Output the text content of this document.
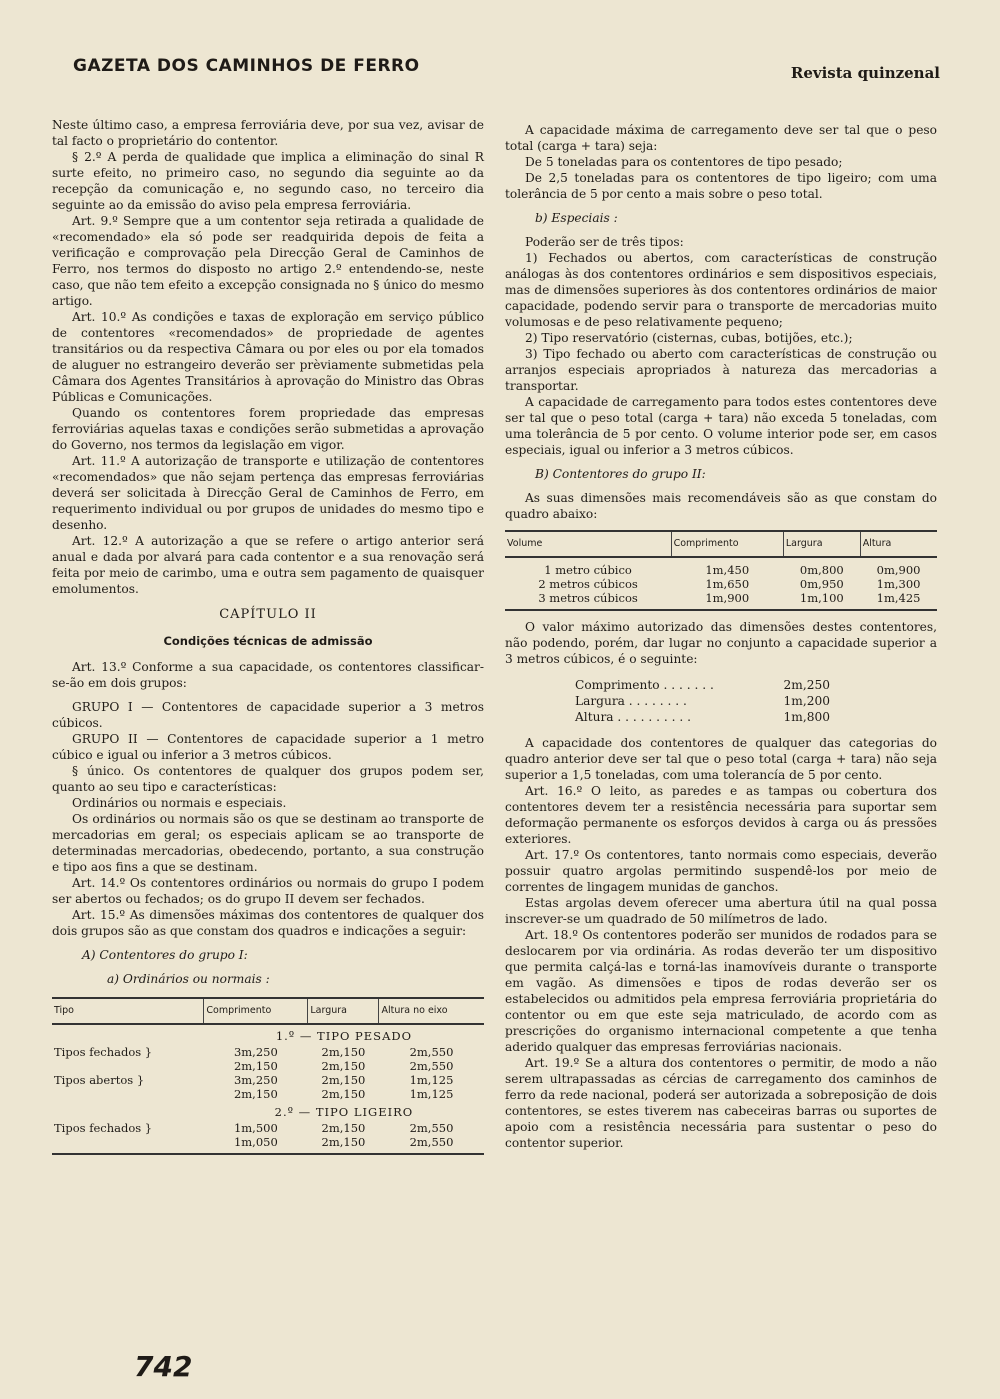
GAZETA DOS CAMINHOS DE FERRO	Revista quinzenal

Neste último caso, a empresa ferroviária deve, por sua vez, avisar de tal facto o proprietário do contentor.

§ 2.º A perda de qualidade que implica a eliminação do sinal R surte efeito, no primeiro caso, no segundo dia seguinte ao da recepção da comunicação e, no segundo caso, no terceiro dia seguinte ao da emissão do aviso pela empresa ferroviária.

Art. 9.º Sempre que a um contentor seja retirada a qualidade de «recomendado» ela só pode ser readquirida depois de feita a verificação e comprovação pela Direcção Geral de Caminhos de Ferro, nos termos do disposto no artigo 2.º entendendo-se, neste caso, que não tem efeito a excepção consignada no § único do mesmo artigo.

Art. 10.º As condições e taxas de exploração em serviço público de contentores «recomendados» de propriedade de agentes transitários ou da respectiva Câmara ou por eles ou por ela tomados de aluguer no estrangeiro deverão ser prèviamente submetidas pela Câmara dos Agentes Transitários à aprovação do Ministro das Obras Públicas e Comunicações.

Quando os contentores forem propriedade das empresas ferroviárias aquelas taxas e condições serão submetidas a aprovação do Governo, nos termos da legislação em vigor.

Art. 11.º A autorização de transporte e utilização de contentores «recomendados» que não sejam pertença das empresas ferroviárias deverá ser solicitada à Direcção Geral de Caminhos de Ferro, em requerimento individual ou por grupos de unidades do mesmo tipo e desenho.

Art. 12.º A autorização a que se refere o artigo anterior será anual e dada por alvará para cada contentor e a sua renovação será feita por meio de carimbo, uma e outra sem pagamento de quaisquer emolumentos.

CAPÍTULO II

Condições técnicas de admissão

Art. 13.º Conforme a sua capacidade, os contentores classificar-se-ão em dois grupos:

GRUPO I — Contentores de capacidade superior a 3 metros cúbicos.

GRUPO II — Contentores de capacidade superior a 1 metro cúbico e igual ou inferior a 3 metros cúbicos.

§ único. Os contentores de qualquer dos grupos podem ser, quanto ao seu tipo e características:

Ordinários ou normais e especiais.

Os ordinários ou normais são os que se destinam ao transporte de mercadorias em geral; os especiais aplicam se ao transporte de determinadas mercadorias, obedecendo, portanto, a sua construção e tipo aos fins a que se destinam.

Art. 14.º Os contentores ordinários ou normais do grupo I podem ser abertos ou fechados; os do grupo II devem ser fechados.

Art. 15.º As dimensões máximas dos contentores de qualquer dos dois grupos são as que constam dos quadros e indicações a seguir:

A) Contentores do grupo I:

a) Ordinários ou normais :

Tipo	Comprimento	Largura	Altura no eixo
	1.º — TIPO PESADO		
Tipos fechados }	3m,250	2m,150	2m,550
	2m,150	2m,150	2m,550
Tipos abertos }	3m,250	2m,150	1m,125
	2m,150	2m,150	1m,125
	2.º — TIPO LIGEIRO		
Tipos fechados }	1m,500	2m,150	2m,550
	1m,050	2m,150	2m,550

A capacidade máxima de carregamento deve ser tal que o peso total (carga + tara) seja:

De 5 toneladas para os contentores de tipo pesado;

De 2,5 toneladas para os contentores de tipo ligeiro; com uma tolerância de 5 por cento a mais sobre o peso total.

b) Especiais :

Poderão ser de três tipos:

1) Fechados ou abertos, com características de construção análogas às dos contentores ordinários e sem dispositivos especiais, mas de dimensões superiores às dos contentores ordinários de maior capacidade, podendo servir para o transporte de mercadorias muito volumosas e de peso relativamente pequeno;

2) Tipo reservatório (cisternas, cubas, botijões, etc.);

3) Tipo fechado ou aberto com características de construção ou arranjos especiais apropriados à natureza das mercadorias a transportar.

A capacidade de carregamento para todos estes contentores deve ser tal que o peso total (carga + tara) não exceda 5 toneladas, com uma tolerância de 5 por cento. O volume interior pode ser, em casos especiais, igual ou inferior a 3 metros cúbicos.

B) Contentores do grupo II:

As suas dimensões mais recomendáveis são as que constam do quadro abaixo:

Volume	Comprimento	Largura	Altura
1 metro cúbico	1m,450	0m,800	0m,900
2 metros cúbicos	1m,650	0m,950	1m,300
3 metros cúbicos	1m,900	1m,100	1m,425

O valor máximo autorizado das dimensões destes contentores, não podendo, porém, dar lugar no conjunto a capacidade superior a 3 metros cúbicos, é o seguinte:

Comprimento . . . . . . .	2m,250
Largura . . . . . . . .	1m,200
Altura . . . . . . . . . .	1m,800

A capacidade dos contentores de qualquer das categorias do quadro anterior deve ser tal que o peso total (carga + tara) não seja superior a 1,5 toneladas, com uma tolerancía de 5 por cento.

Art. 16.º O leito, as paredes e as tampas ou cobertura dos contentores devem ter a resistência necessária para suportar sem deformação permanente os esforços devidos à carga ou ás pressões exteriores.

Art. 17.º Os contentores, tanto normais como especiais, deverão possuir quatro argolas permitindo suspendê-los por meio de correntes de lingagem munidas de ganchos.

Estas argolas devem oferecer uma abertura útil na qual possa inscrever-se um quadrado de 50 milímetros de lado.

Art. 18.º Os contentores poderão ser munidos de rodados para se deslocarem por via ordinária. As rodas deverão ter um dispositivo que permita calçá-las e torná-las inamovíveis durante o transporte em vagão. As dimensões e tipos de rodas deverão ser os estabelecidos ou admitidos pela empresa ferroviária proprietária do contentor ou em que este seja matriculado, de acordo com as prescrições do organismo internacional competente a que tenha aderido qualquer das empresas ferroviárias nacionais.

Art. 19.º Se a altura dos contentores o permitir, de modo a não serem ultrapassadas as cércias de carregamento dos caminhos de ferro da rede nacional, poderá ser autorizada a sobreposição de dois contentores, se estes tiverem nas cabeceiras barras ou suportes de apoio com a resistência necessária para sustentar o peso do contentor superior.

742
